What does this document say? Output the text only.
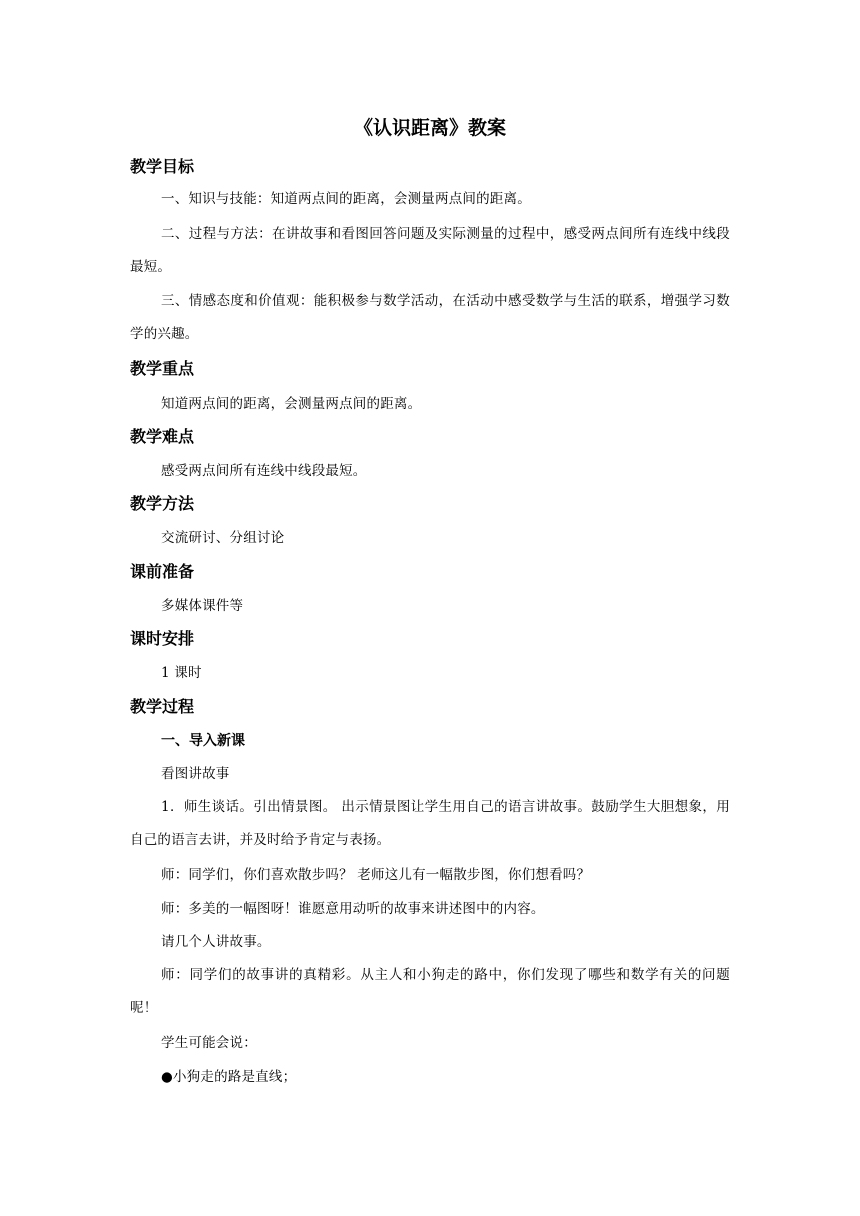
《认识距离》教案
教学目标
一、知识与技能：知道两点间的距离，会测量两点间的距离。
二、过程与方法：在讲故事和看图回答问题及实际测量的过程中，感受两点间所有连线中线段最短。
三、情感态度和价值观：能积极参与数学活动，在活动中感受数学与生活的联系，增强学习数学的兴趣。
教学重点
知道两点间的距离，会测量两点间的距离。
教学难点
感受两点间所有连线中线段最短。
教学方法
交流研讨、分组讨论
课前准备
多媒体课件等
课时安排
1 课时
教学过程
一、导入新课
看图讲故事
1．师生谈话。引出情景图。 出示情景图让学生用自己的语言讲故事。鼓励学生大胆想象，用自己的语言去讲，并及时给予肯定与表扬。
师：同学们，你们喜欢散步吗？ 老师这儿有一幅散步图，你们想看吗？
师：多美的一幅图呀！谁愿意用动听的故事来讲述图中的内容。
请几个人讲故事。
师：同学们的故事讲的真精彩。从主人和小狗走的路中，你们发现了哪些和数学有关的问题呢！
学生可能会说：
●小狗走的路是直线；
